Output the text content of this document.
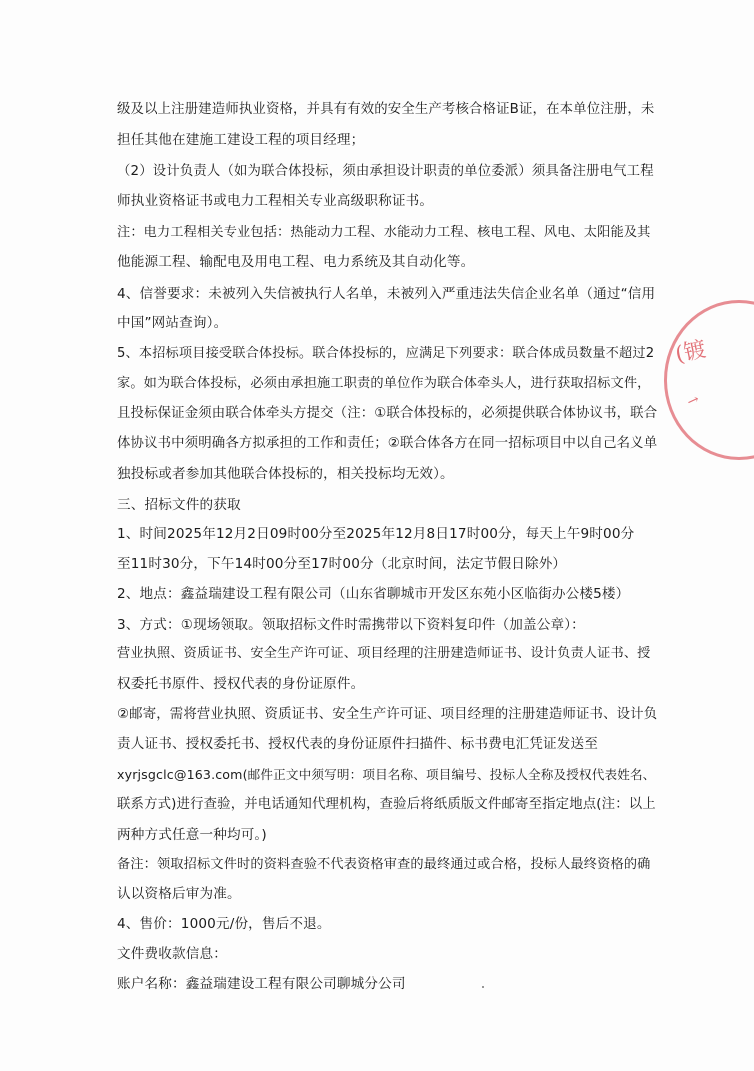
级及以上注册建造师执业资格，并具有有效的安全生产考核合格证B证，在本单位注册，未
担任其他在建施工建设工程的项目经理；
（2）设计负责人（如为联合体投标，须由承担设计职责的单位委派）须具备注册电气工程
师执业资格证书或电力工程相关专业高级职称证书。
注：电力工程相关专业包括：热能动力工程、水能动力工程、核电工程、风电、太阳能及其
他能源工程、输配电及用电工程、电力系统及其自动化等。
4、信誉要求：未被列入失信被执行人名单，未被列入严重违法失信企业名单（通过“信用
中国”网站查询）。
5、本招标项目接受联合体投标。联合体投标的，应满足下列要求：联合体成员数量不超过2
家。如为联合体投标，必须由承担施工职责的单位作为联合体牵头人，进行获取招标文件，
且投标保证金须由联合体牵头方提交（注：①联合体投标的，必须提供联合体协议书，联合
体协议书中须明确各方拟承担的工作和责任；②联合体各方在同一招标项目中以自己名义单
独投标或者参加其他联合体投标的，相关投标均无效）。
三、招标文件的获取
1、时间2025年12月2日09时00分至2025年12月8日17时00分，每天上午9时00分
至11时30分，下午14时00分至17时00分（北京时间，法定节假日除外）
2、地点：鑫益瑞建设工程有限公司（山东省聊城市开发区东苑小区临街办公楼5楼）
3、方式：①现场领取。领取招标文件时需携带以下资料复印件（加盖公章）：
营业执照、资质证书、安全生产许可证、项目经理的注册建造师证书、设计负责人证书、授
权委托书原件、授权代表的身份证原件。
②邮寄，需将营业执照、资质证书、安全生产许可证、项目经理的注册建造师证书、设计负
责人证书、授权委托书、授权代表的身份证原件扫描件、标书费电汇凭证发送至
xyrjsgclc@163.com(邮件正文中须写明：项目名称、项目编号、投标人全称及授权代表姓名、
联系方式)进行查验，并电话通知代理机构，查验后将纸质版文件邮寄至指定地点(注：以上
两种方式任意一种均可。)
备注：领取招标文件时的资料查验不代表资格审查的最终通过或合格，投标人最终资格的确
认以资格后审为准。
4、售价：1000元/份，售后不退。
文件费收款信息：
账户名称：鑫益瑞建设工程有限公司聊城分公司
(镀
↗
